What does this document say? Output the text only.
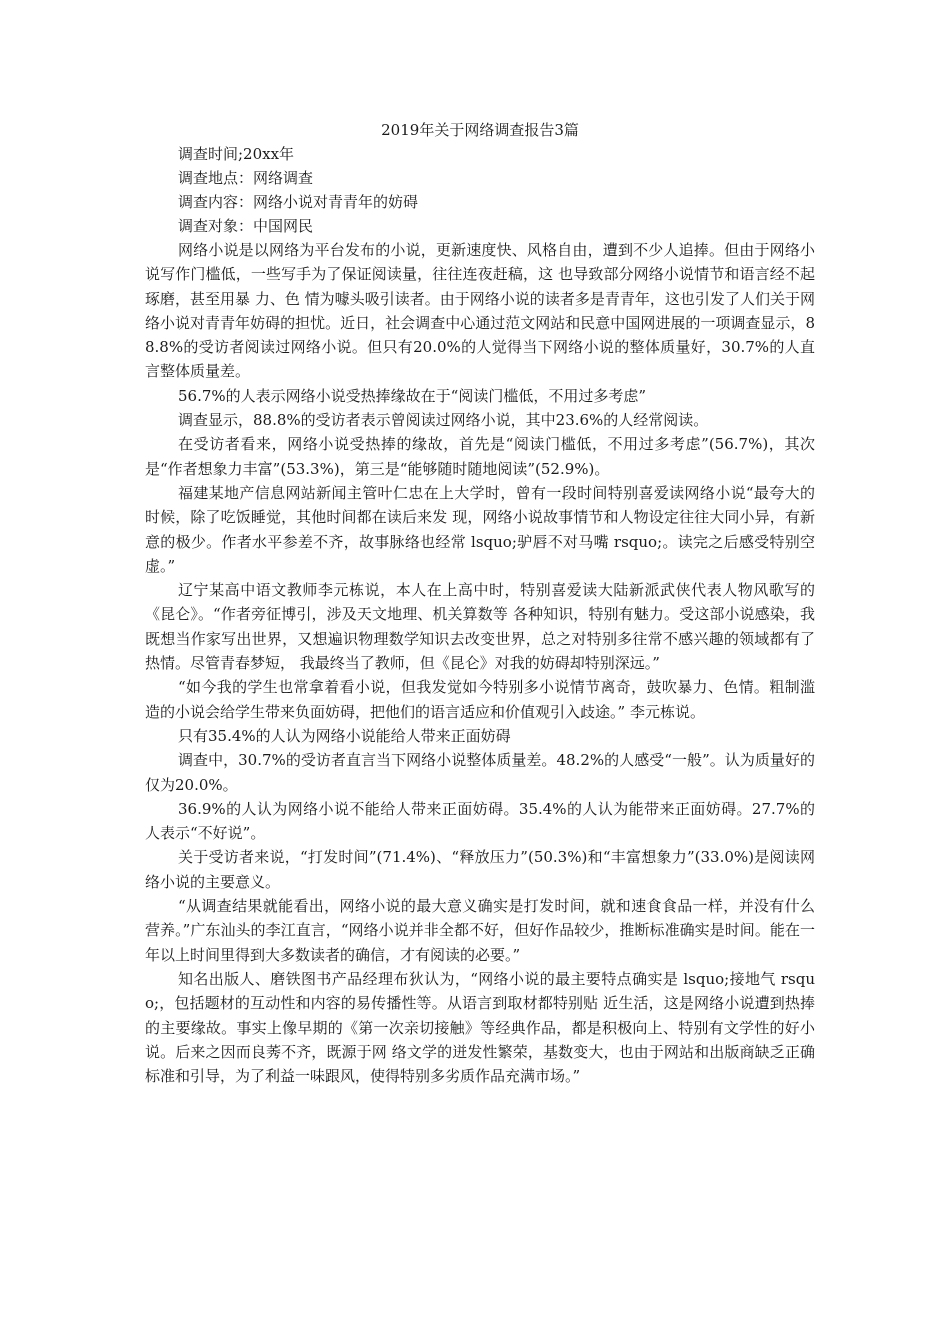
2019年关于网络调查报告3篇

调查时间;20xx年

调查地点：网络调查

调查内容：网络小说对青青年的妨碍

调查对象：中国网民

网络小说是以网络为平台发布的小说，更新速度快、风格自由，遭到不少人追捧。但由于网络小说写作门槛低，一些写手为了保证阅读量，往往连夜赶稿，这 也导致部分网络小说情节和语言经不起琢磨，甚至用暴 力、色 情为噱头吸引读者。由于网络小说的读者多是青青年，这也引发了人们关于网络小说对青青年妨碍的担忧。近日，社会调查中心通过范文网站和民意中国网进展的一项调查显示，88.8%的受访者阅读过网络小说。但只有20.0%的人觉得当下网络小说的整体质量好，30.7%的人直言整体质量差。

56.7%的人表示网络小说受热捧缘故在于“阅读门槛低，不用过多考虑”

调查显示，88.8%的受访者表示曾阅读过网络小说，其中23.6%的人经常阅读。

在受访者看来，网络小说受热捧的缘故，首先是“阅读门槛低，不用过多考虑”(56.7%)，其次是“作者想象力丰富”(53.3%)，第三是“能够随时随地阅读”(52.9%)。

福建某地产信息网站新闻主管叶仁忠在上大学时，曾有一段时间特别喜爱读网络小说“最夸大的时候，除了吃饭睡觉，其他时间都在读后来发 现，网络小说故事情节和人物设定往往大同小异，有新意的极少。作者水平参差不齐，故事脉络也经常 lsquo;驴唇不对马嘴 rsquo;。读完之后感受特别空虚。”

辽宁某高中语文教师李元栋说，本人在上高中时，特别喜爱读大陆新派武侠代表人物风歌写的《昆仑》。“作者旁征博引，涉及天文地理、机关算数等 各种知识，特别有魅力。受这部小说感染，我既想当作家写出世界，又想遍识物理数学知识去改变世界，总之对特别多往常不感兴趣的领域都有了热情。尽管青春梦短， 我最终当了教师，但《昆仑》对我的妨碍却特别深远。”

“如今我的学生也常拿着看小说，但我发觉如今特别多小说情节离奇，鼓吹暴力、色情。粗制滥造的小说会给学生带来负面妨碍，把他们的语言适应和价值观引入歧途。” 李元栋说。

只有35.4%的人认为网络小说能给人带来正面妨碍

调查中，30.7%的受访者直言当下网络小说整体质量差。48.2%的人感受“一般”。认为质量好的仅为20.0%。

36.9%的人认为网络小说不能给人带来正面妨碍。35.4%的人认为能带来正面妨碍。27.7%的人表示“不好说”。

关于受访者来说，“打发时间”(71.4%)、“释放压力”(50.3%)和“丰富想象力”(33.0%)是阅读网络小说的主要意义。

“从调查结果就能看出，网络小说的最大意义确实是打发时间，就和速食食品一样，并没有什么营养。”广东汕头的李江直言，“网络小说并非全都不好，但好作品较少，推断标准确实是时间。能在一年以上时间里得到大多数读者的确信，才有阅读的必要。”

知名出版人、磨铁图书产品经理布狄认为，“网络小说的最主要特点确实是 lsquo;接地气 rsquo;，包括题材的互动性和内容的易传播性等。从语言到取材都特别贴 近生活，这是网络小说遭到热捧的主要缘故。事实上像早期的《第一次亲切接触》等经典作品，都是积极向上、特别有文学性的好小说。后来之因而良莠不齐，既源于网 络文学的迸发性繁荣，基数变大，也由于网站和出版商缺乏正确标准和引导，为了利益一味跟风，使得特别多劣质作品充满市场。”
